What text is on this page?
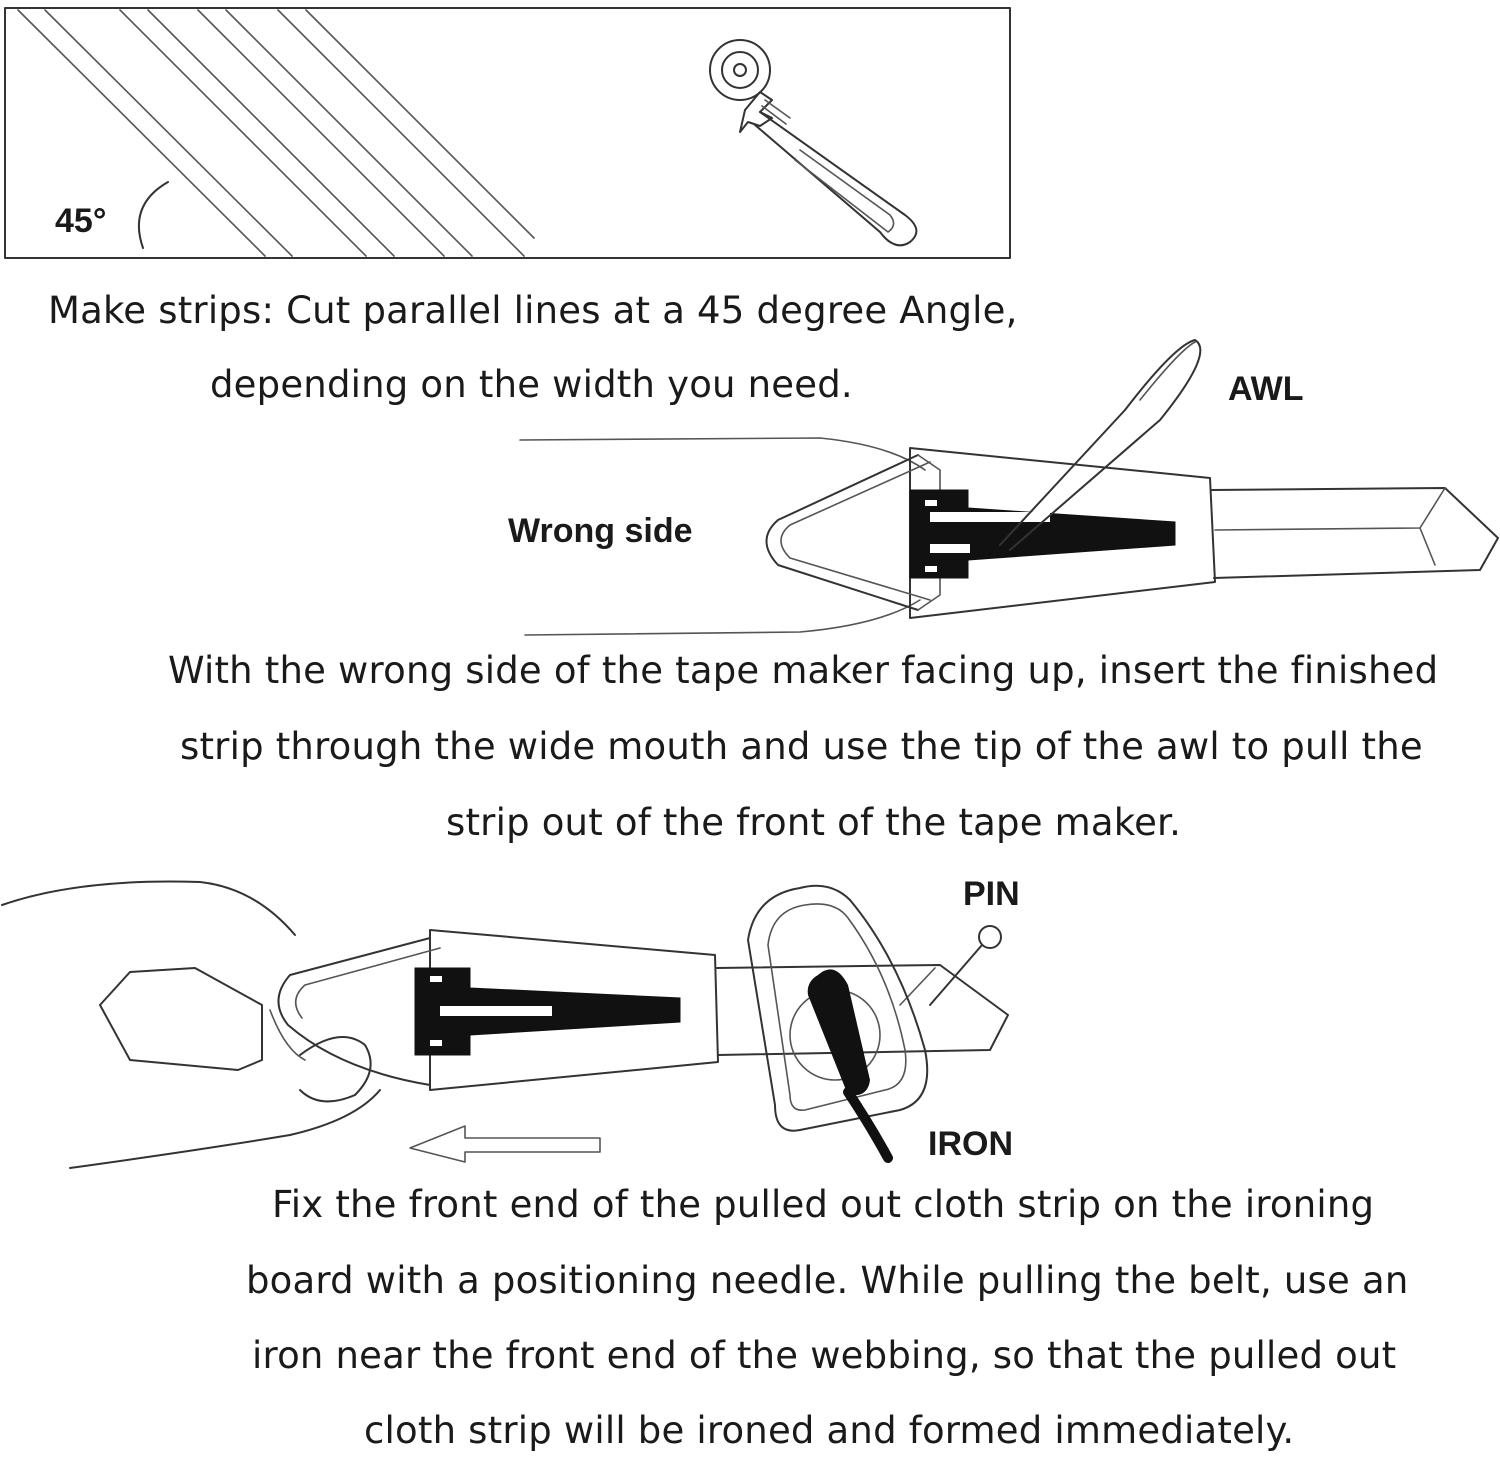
45°
Make strips: Cut parallel lines at a 45 degree Angle,
depending on the width you need.	AWL
Wrong side
With the wrong side of the tape maker facing up, insert the finished
strip through the wide mouth and use the tip of the awl to pull the
strip out of the front of the tape maker.
PIN
IRON
Fix the front end of the pulled out cloth strip on the ironing
board with a positioning needle. While pulling the belt, use an
iron near the front end of the webbing, so that the pulled out
cloth strip will be ironed and formed immediately.
